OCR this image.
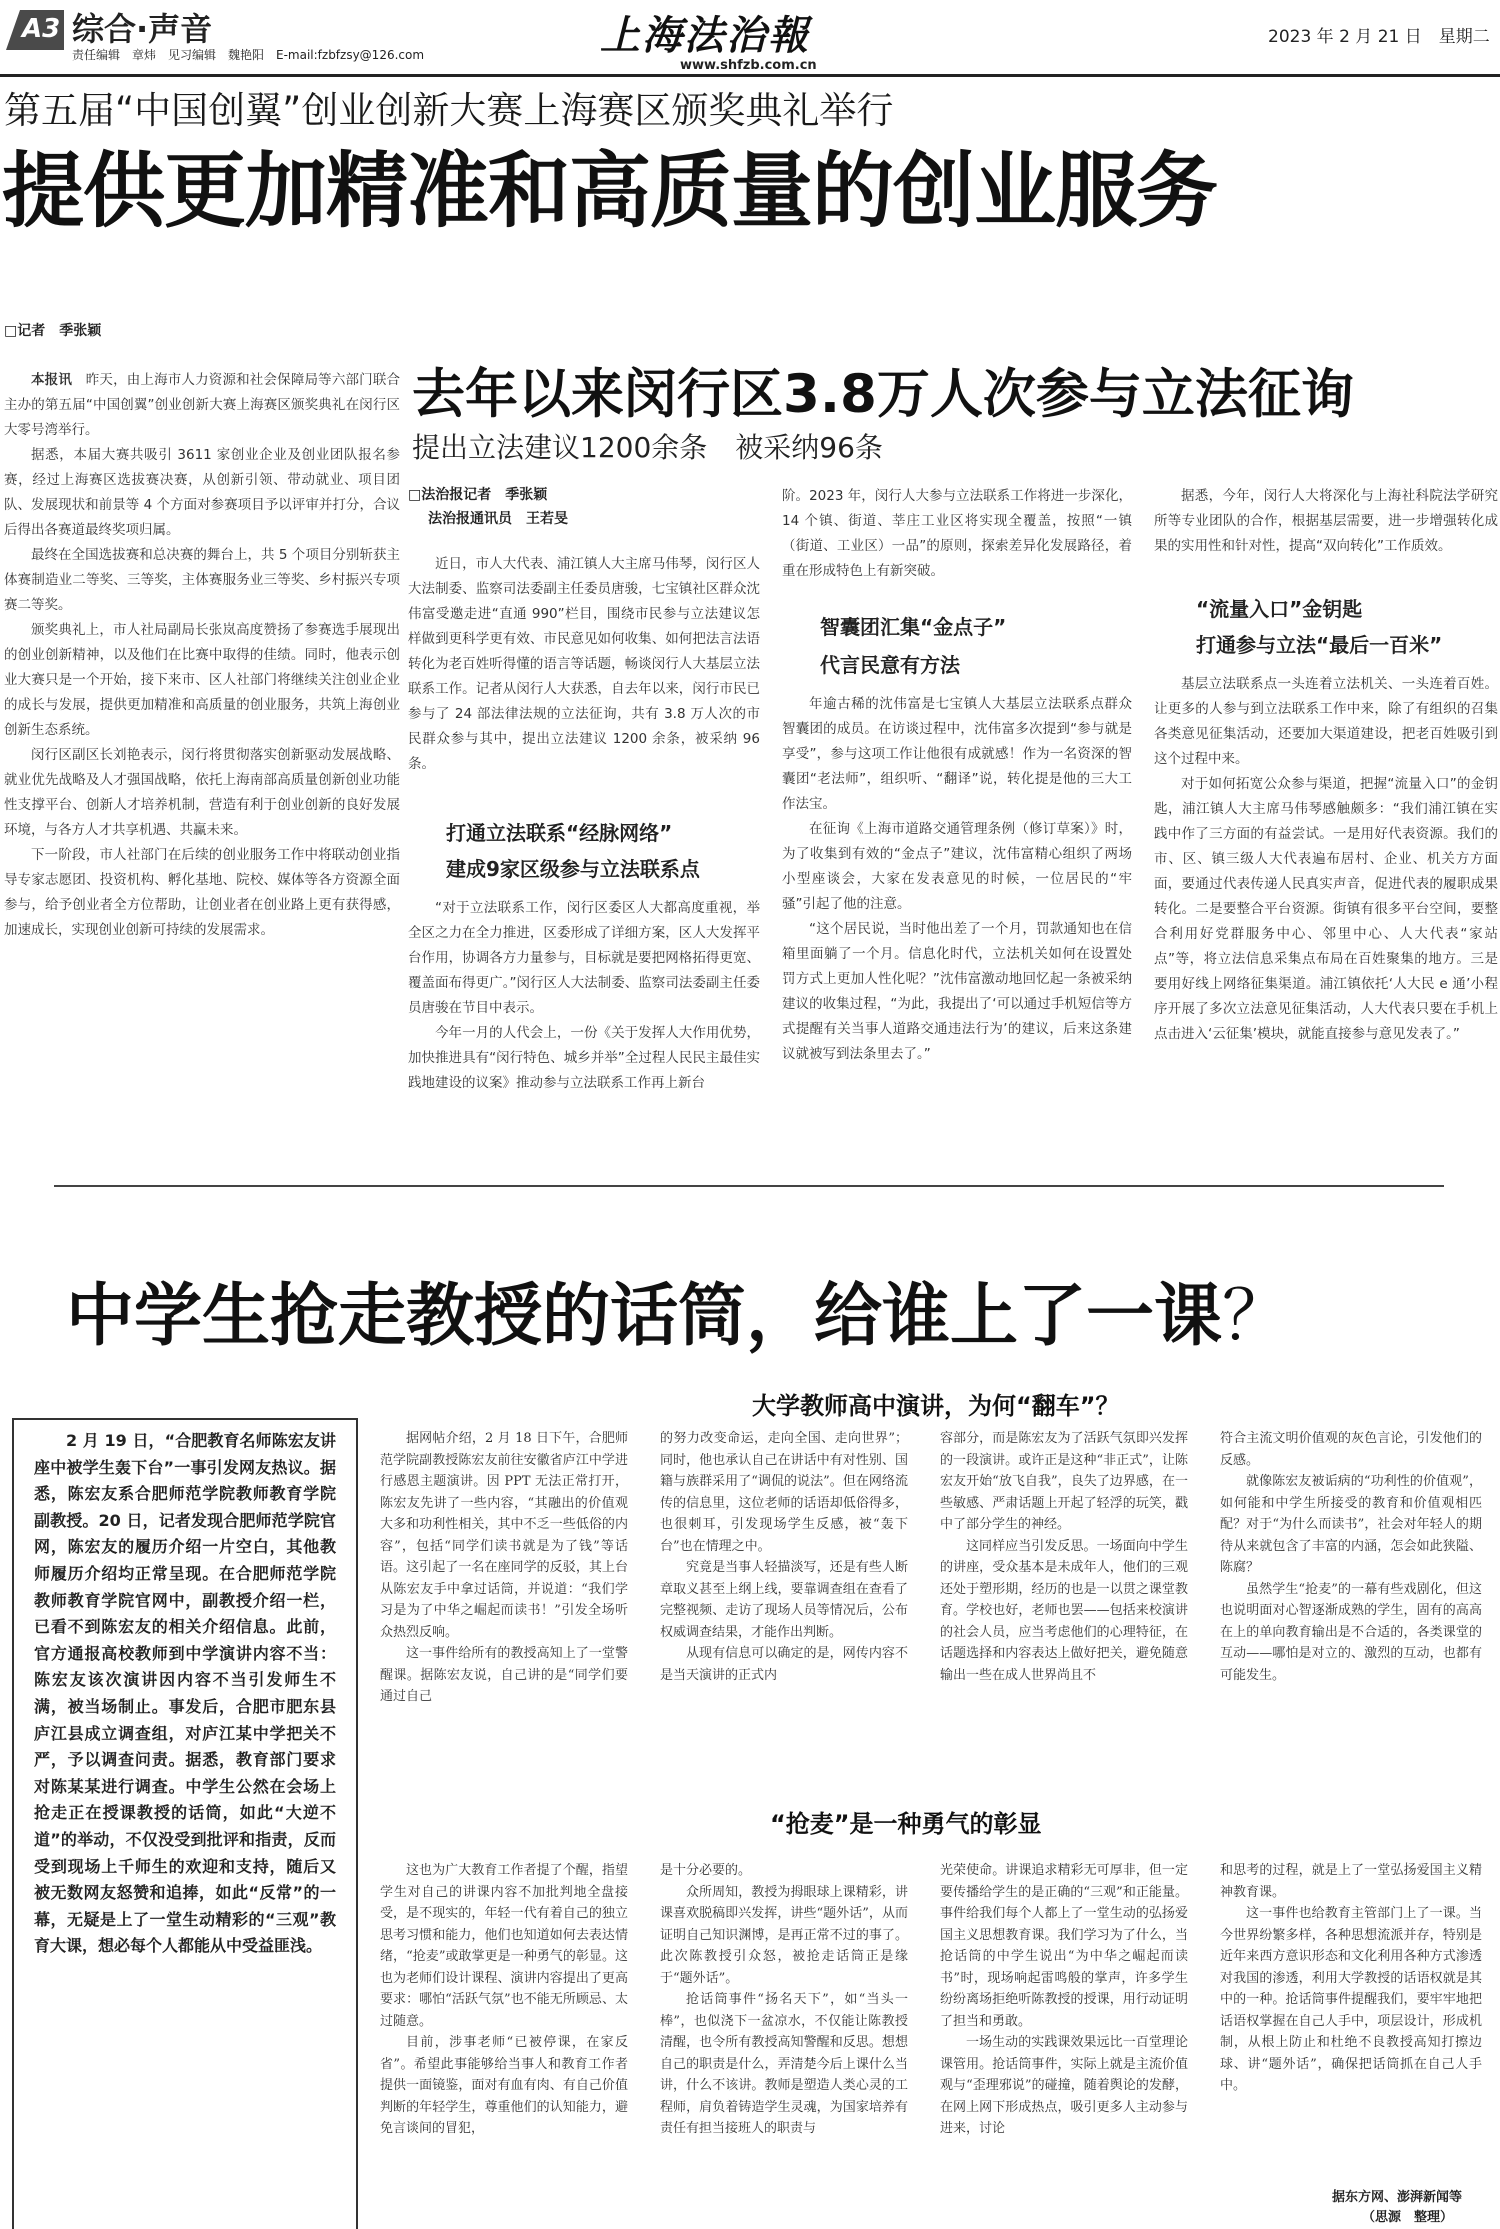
A3 综合·声音
责任编辑　章炜　见习编辑　魏艳阳　E-mail:fzbfzsy@126.com	上海法治報
www.shfzb.com.cn
2023 年 2 月 21 日　星期二
第五届“中国创翼”创业创新大赛上海赛区颁奖典礼举行
提供更加精准和高质量的创业服务
□记者　季张颖

本报讯　 昨天，由上海市人力资源和社会保障局等六部门联合主办的第五届“中国创翼”创业创新大赛上海赛区颁奖典礼在闵行区大零号湾举行。

据悉，本届大赛共吸引 3611 家创业企业及创业团队报名参赛，经过上海赛区选拔赛决赛，从创新引领、带动就业、项目团队、发展现状和前景等 4 个方面对参赛项目予以评审并打分，合议后得出各赛道最终奖项归属。

最终在全国选拔赛和总决赛的舞台上，共 5 个项目分别斩获主体赛制造业二等奖、三等奖，主体赛服务业三等奖、乡村振兴专项赛二等奖。

颁奖典礼上，市人社局副局长张岚高度赞扬了参赛选手展现出的创业创新精神，以及他们在比赛中取得的佳绩。同时，他表示创业大赛只是一个开始，接下来市、区人社部门将继续关注创业企业的成长与发展，提供更加精准和高质量的创业服务，共筑上海创业创新生态系统。

闵行区副区长刘艳表示，闵行将贯彻落实创新驱动发展战略、就业优先战略及人才强国战略，依托上海南部高质量创新创业功能性支撑平台、创新人才培养机制，营造有利于创业创新的良好发展环境，与各方人才共享机遇、共赢未来。

下一阶段，市人社部门在后续的创业服务工作中将联动创业指导专家志愿团、投资机构、孵化基地、院校、媒体等各方资源全面参与，给予创业者全方位帮助，让创业者在创业路上更有获得感，加速成长，实现创业创新可持续的发展需求。

去年以来闵行区3.8万人次参与立法征询
提出立法建议1200余条　被采纳96条
□法治报记者　季张颖
法治报通讯员　王若旻

近日，市人大代表、浦江镇人大主席马伟琴，闵行区人大法制委、监察司法委副主任委员唐骏，七宝镇社区群众沈伟富受邀走进“直通 990”栏目，围绕市民参与立法建议怎样做到更科学更有效、市民意见如何收集、如何把法言法语转化为老百姓听得懂的语言等话题，畅谈闵行人大基层立法联系工作。记者从闵行人大获悉，自去年以来，闵行市民已参与了 24 部法律法规的立法征询，共有 3.8 万人次的市民群众参与其中，提出立法建议 1200 余条，被采纳 96 条。

打通立法联系“经脉网络”
建成9家区级参与立法联系点

“对于立法联系工作，闵行区委区人大都高度重视，举全区之力在全力推进，区委形成了详细方案，区人大发挥平台作用，协调各方力量参与，目标就是要把网格拓得更宽、覆盖面布得更广。”闵行区人大法制委、监察司法委副主任委员唐骏在节目中表示。

今年一月的人代会上，一份《关于发挥人大作用优势，加快推进具有“闵行特色、城乡并举”全过程人民民主最佳实践地建设的议案》推动参与立法联系工作再上新台

阶。2023 年，闵行人大参与立法联系工作将进一步深化，14 个镇、街道、莘庄工业区将实现全覆盖，按照“一镇（街道、工业区）一品”的原则，探索差异化发展路径，着重在形成特色上有新突破。

智囊团汇集“金点子”
代言民意有方法

年逾古稀的沈伟富是七宝镇人大基层立法联系点群众智囊团的成员。在访谈过程中，沈伟富多次提到“参与就是享受”，参与这项工作让他很有成就感！作为一名资深的智囊团“老法师”，组织听、“翻译”说，转化提是他的三大工作法宝。

在征询《上海市道路交通管理条例（修订草案）》时，为了收集到有效的“金点子”建议，沈伟富精心组织了两场小型座谈会，大家在发表意见的时候，一位居民的“牢骚”引起了他的注意。

“这个居民说，当时他出差了一个月，罚款通知也在信箱里面躺了一个月。信息化时代，立法机关如何在设置处罚方式上更加人性化呢？”沈伟富激动地回忆起一条被采纳建议的收集过程，“为此，我提出了‘可以通过手机短信等方式提醒有关当事人道路交通违法行为’的建议，后来这条建议就被写到法条里去了。”

据悉，今年，闵行人大将深化与上海社科院法学研究所等专业团队的合作，根据基层需要，进一步增强转化成果的实用性和针对性，提高“双向转化”工作质效。

“流量入口”金钥匙
打通参与立法“最后一百米”

基层立法联系点一头连着立法机关、一头连着百姓。让更多的人参与到立法联系工作中来，除了有组织的召集各类意见征集活动，还要加大渠道建设，把老百姓吸引到这个过程中来。

对于如何拓宽公众参与渠道，把握“流量入口”的金钥匙，浦江镇人大主席马伟琴感触颇多：“我们浦江镇在实践中作了三方面的有益尝试。一是用好代表资源。我们的市、区、镇三级人大代表遍布居村、企业、机关方方面面，要通过代表传递人民真实声音，促进代表的履职成果转化。二是要整合平台资源。街镇有很多平台空间，要整合利用好党群服务中心、邻里中心、人大代表“家站点”等，将立法信息采集点布局在百姓聚集的地方。三是要用好线上网络征集渠道。浦江镇依托‘人大民 e 通’小程序开展了多次立法意见征集活动，人大代表只要在手机上点击进入‘云征集’模块，就能直接参与意见发表了。”

中学生抢走教授的话筒，给谁上了一课？
2 月 19 日，“合肥教育名师陈宏友讲座中被学生轰下台”一事引发网友热议。据悉，陈宏友系合肥师范学院教师教育学院副教授。20 日，记者发现合肥师范学院官网，陈宏友的履历介绍一片空白，其他教师履历介绍均正常呈现。在合肥师范学院教师教育学院官网中，副教授介绍一栏，已看不到陈宏友的相关介绍信息。此前，官方通报高校教师到中学演讲内容不当：陈宏友该次演讲因内容不当引发师生不满，被当场制止。事发后，合肥市肥东县庐江县成立调查组，对庐江某中学把关不严，予以调查问责。据悉，教育部门要求对陈某某进行调查。中学生公然在会场上抢走正在授课教授的话筒，如此“大逆不道”的举动，不仅没受到批评和指责，反而受到现场上千师生的欢迎和支持，随后又被无数网友怒赞和追捧，如此“反常”的一幕，无疑是上了一堂生动精彩的“三观”教育大课，想必每个人都能从中受益匪浅。
大学教师高中演讲，为何“翻车”？

据网帖介绍，2 月 18 日下午，合肥师范学院副教授陈宏友前往安徽省庐江中学进行感恩主题演讲。因 PPT 无法正常打开，陈宏友先讲了一些内容，“其融出的价值观大多和功利性相关，其中不乏一些低俗的内容”，包括“同学们读书就是为了钱”等话语。这引起了一名在座同学的反驳，其上台从陈宏友手中拿过话筒，并说道：“我们学习是为了中华之崛起而读书！”引发全场听众热烈反响。

这一事件给所有的教授高知上了一堂警醒课。据陈宏友说，自己讲的是“同学们要通过自己

的努力改变命运，走向全国、走向世界”；同时，他也承认自己在讲话中有对性别、国籍与族群采用了“调侃的说法”。但在网络流传的信息里，这位老师的话语却低俗得多，也很刺耳，引发现场学生反感，被“轰下台”也在情理之中。

究竟是当事人轻描淡写，还是有些人断章取义甚至上纲上线，要靠调查组在查看了完整视频、走访了现场人员等情况后，公布权威调查结果，才能作出判断。

从现有信息可以确定的是，网传内容不是当天演讲的正式内

容部分，而是陈宏友为了活跃气氛即兴发挥的一段演讲。或许正是这种“非正式”，让陈宏友开始“放飞自我”，良失了边界感，在一些敏感、严肃话题上开起了轻浮的玩笑，戳中了部分学生的神经。

这同样应当引发反思。一场面向中学生的讲座，受众基本是未成年人，他们的三观还处于塑形期，经历的也是一以贯之课堂教育。学校也好，老师也罢——包括来校演讲的社会人员，应当考虑他们的心理特征，在话题选择和内容表达上做好把关，避免随意输出一些在成人世界尚且不

符合主流文明价值观的灰色言论，引发他们的反感。

就像陈宏友被诟病的“功利性的价值观”，如何能和中学生所接受的教育和价值观相匹配？对于“为什么而读书”，社会对年轻人的期待从来就包含了丰富的内涵，怎会如此狭隘、陈腐？

虽然学生“抢麦”的一幕有些戏剧化，但这也说明面对心智逐渐成熟的学生，固有的高高在上的单向教育输出是不合适的，各类课堂的互动——哪怕是对立的、激烈的互动，也都有可能发生。

“抢麦”是一种勇气的彰显

这也为广大教育工作者提了个醒，指望学生对自己的讲课内容不加批判地全盘接受，是不现实的，年轻一代有着自己的独立思考习惯和能力，他们也知道如何去表达情绪，“抢麦”或敢掌更是一种勇气的彰显。这也为老师们设计课程、演讲内容提出了更高要求：哪怕“活跃气氛”也不能无所顾忌、太过随意。

目前，涉事老师“已被停课，在家反省”。希望此事能够给当事人和教育工作者提供一面镜鉴，面对有血有肉、有自己价值判断的年轻学生，尊重他们的认知能力，避免言谈间的冒犯，

是十分必要的。

众所周知，教授为拇眼球上课精彩，讲课喜欢脱稿即兴发挥，讲些“题外话”，从而证明自己知识渊博，是再正常不过的事了。此次陈教授引众怒，被抢走话筒正是缘于“题外话”。

抢话筒事件“扬名天下”，如“当头一棒”，也似浇下一盆凉水，不仅能让陈教授清醒，也令所有教授高知警醒和反思。想想自己的职责是什么，弄清楚今后上课什么当讲，什么不该讲。教师是塑造人类心灵的工程师，肩负着铸造学生灵魂，为国家培养有责任有担当接班人的职责与

光荣使命。讲课追求精彩无可厚非，但一定要传播给学生的是正确的“三观”和正能量。事件给我们每个人都上了一堂生动的弘扬爱国主义思想教育课。我们学习为了什么，当抢话筒的中学生说出“为中华之崛起而读书”时，现场响起雷鸣般的掌声，许多学生纷纷离场拒绝听陈教授的授课，用行动证明了担当和勇敢。

一场生动的实践课效果远比一百堂理论课管用。抢话筒事件，实际上就是主流价值观与“歪理邪说”的碰撞，随着舆论的发酵，在网上网下形成热点，吸引更多人主动参与进来，讨论

和思考的过程，就是上了一堂弘扬爱国主义精神教育课。

这一事件也给教育主管部门上了一课。当今世界纷繁多样，各种思想流派并存，特别是近年来西方意识形态和文化利用各种方式渗透对我国的渗透，利用大学教授的话语权就是其中的一种。抢话筒事件提醒我们，要牢牢地把话语权掌握在自己人手中，项层设计，形成机制，从根上防止和杜绝不良教授高知打擦边球、讲“题外话”，确保把话筒抓在自己人手中。

据东方网、澎湃新闻等
（思源　整理）
